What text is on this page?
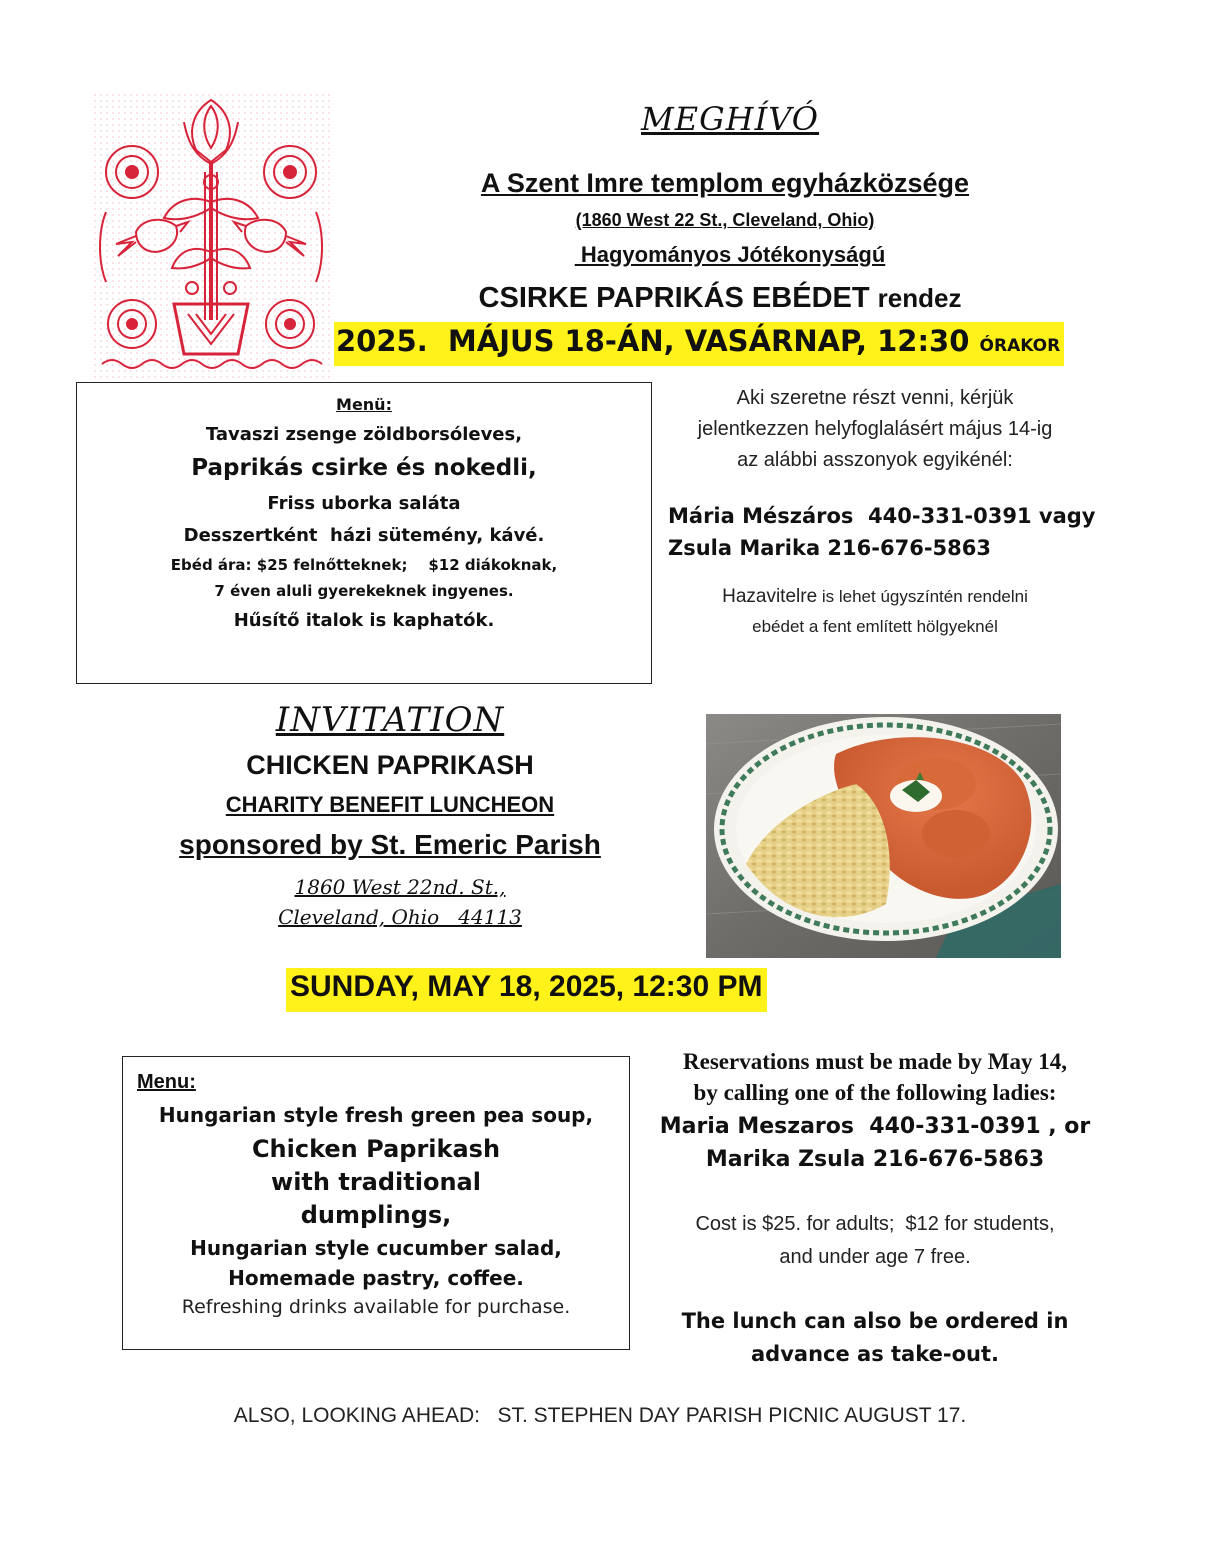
MEGHÍVÓ
A Szent Imre templom egyházközsége
(1860 West 22 St., Cleveland, Ohio)
Hagyományos Jótékonyságú
CSIRKE PAPRIKÁS EBÉDET rendez
2025.  MÁJUS 18-ÁN, VASÁRNAP, 12:30 ÓRAKOR
Menü:
Tavaszi zsenge zöldborsóleves,
Paprikás csirke és nokedli,
Friss uborka saláta
Desszertként  házi sütemény, kávé.
Ebéd ára: $25 felnőtteknek;    $12 diákoknak,
7 éven aluli gyerekeknek ingyenes.
Hűsítő italok is kaphatók.
Aki szeretne részt venni, kérjük
jelentkezzen helyfoglalásért május 14-ig
az alábbi asszonyok egyikénél:
Mária Mészáros  440-331-0391 vagy
Zsula Marika 216-676-5863
Hazavitelre is lehet úgyszíntén rendelni
ebédet a fent említett hölgyeknél
INVITATION
CHICKEN PAPRIKASH
CHARITY BENEFIT LUNCHEON
sponsored by St. Emeric Parish
1860 West 22nd. St.,
Cleveland, Ohio   44113
SUNDAY, MAY 18, 2025, 12:30 PM
Menu:
Hungarian style fresh green pea soup,
Chicken Paprikash with traditional dumplings,
Hungarian style cucumber salad,
Homemade pastry, coffee.
Refreshing drinks available for purchase.
Reservations must be made by May 14,
by calling one of the following ladies:
Maria Meszaros  440-331-0391 , or
Marika Zsula 216-676-5863
Cost is $25. for adults;  $12 for students,
and under age 7 free.
The lunch can also be ordered in
advance as take-out.
ALSO, LOOKING AHEAD:   ST. STEPHEN DAY PARISH PICNIC AUGUST 17.
